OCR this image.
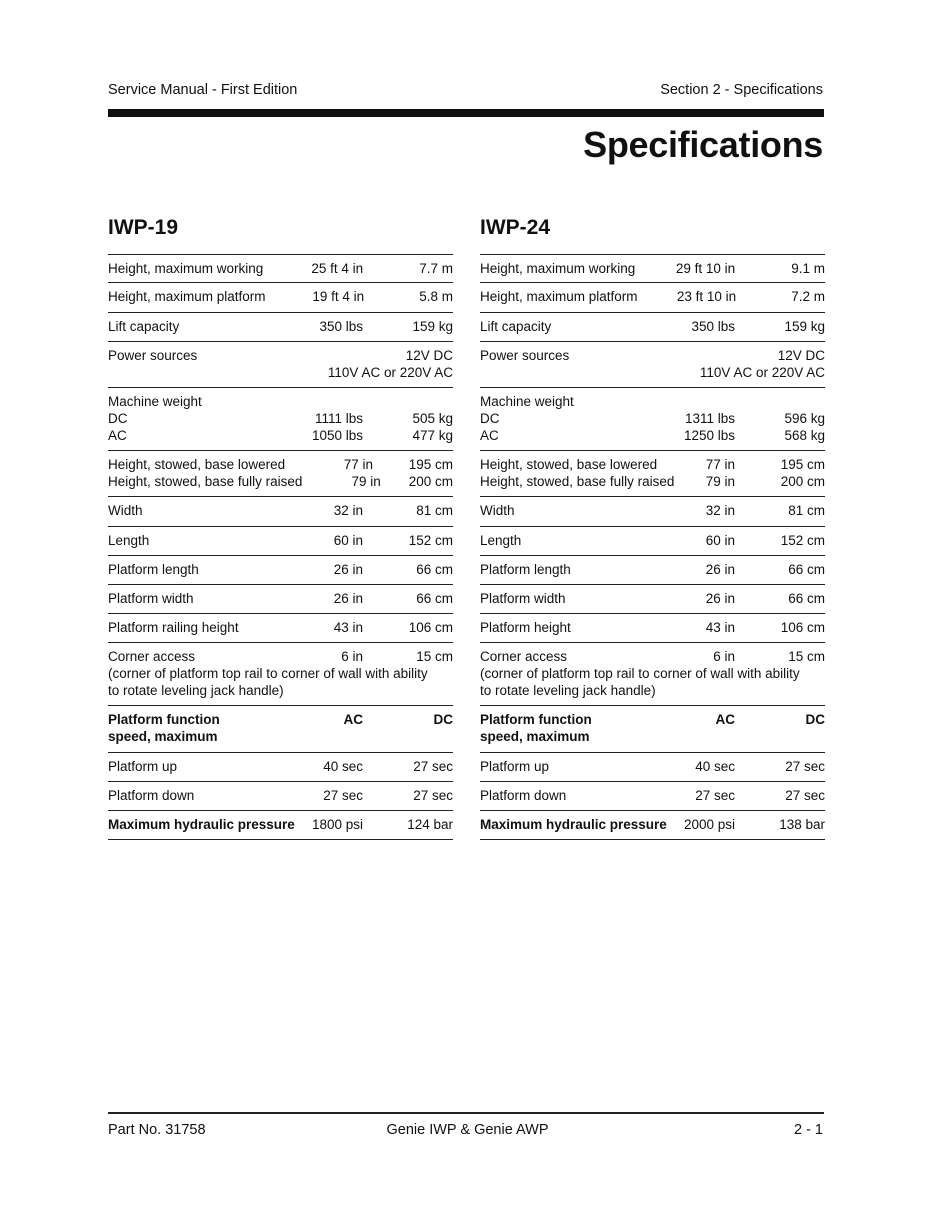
Service Manual - First Edition	Section 2 - Specifications
Specifications
IWP-19
Height, maximum working	25 ft 4 in	7.7 m
Height, maximum platform	19 ft 4 in	5.8 m
Lift capacity	350 lbs	159 kg
Power sources	12V DC
110V AC or 220V AC
Machine weight
DC	1111 lbs	505 kg
AC	1050 lbs	477 kg
Height, stowed, base lowered	77 in	195 cm
Height, stowed, base fully raised	79 in	200 cm
Width	32 in	81 cm
Length	60 in	152 cm
Platform length	26 in	66 cm
Platform width	26 in	66 cm
Platform railing height	43 in	106 cm
Corner access	6 in	15 cm
(corner of platform top rail to corner of wall with ability
to rotate leveling jack handle)
Platform function	AC	DC
speed, maximum
Platform up	40 sec	27 sec
Platform down	27 sec	27 sec
Maximum hydraulic pressure	1800 psi	124 bar
IWP-24
Height, maximum working	29 ft 10 in	9.1 m
Height, maximum platform	23 ft 10 in	7.2 m
Lift capacity	350 lbs	159 kg
Power sources	12V DC
110V AC or 220V AC
Machine weight
DC	1311 lbs	596 kg
AC	1250 lbs	568 kg
Height, stowed, base lowered	77 in	195 cm
Height, stowed, base fully raised	79 in	200 cm
Width	32 in	81 cm
Length	60 in	152 cm
Platform length	26 in	66 cm
Platform width	26 in	66 cm
Platform height	43 in	106 cm
Corner access	6 in	15 cm
(corner of platform top rail to corner of wall with ability
to rotate leveling jack handle)
Platform function	AC	DC
speed, maximum
Platform up	40 sec	27 sec
Platform down	27 sec	27 sec
Maximum hydraulic pressure	2000 psi	138 bar
Part No. 31758	Genie IWP & Genie AWP	2 - 1
